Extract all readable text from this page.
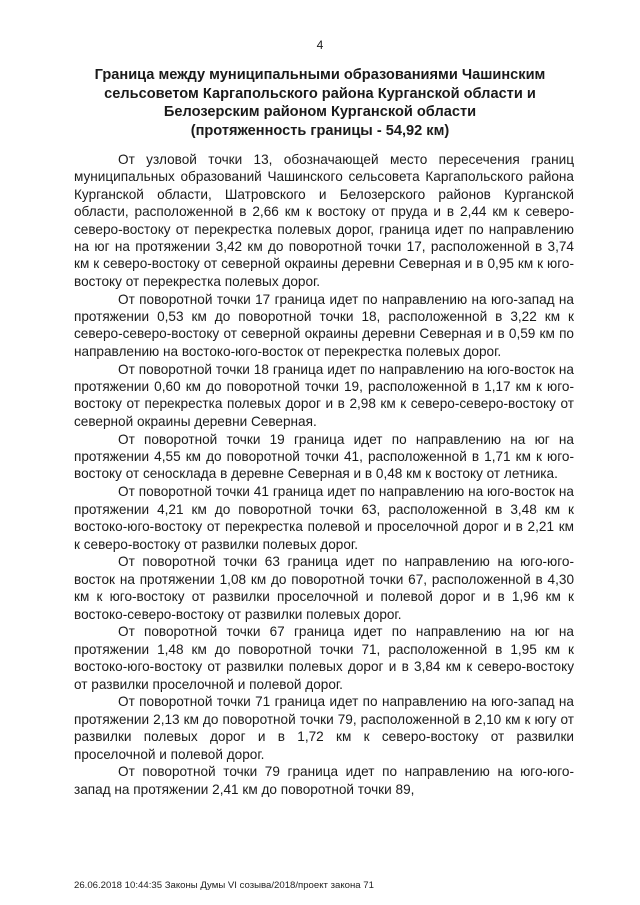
4
Граница между муниципальными образованиями Чашинским
сельсоветом Каргапольского района Курганской области и
Белозерским районом Курганской области
(протяженность границы - 54,92 км)

От узловой точки 13, обозначающей место пересечения границ муниципальных образований Чашинского сельсовета Каргапольского района Курганской области, Шатровского и Белозерского районов Курганской области, расположенной в 2,66 км к востоку от пруда и в 2,44 км к северо-северо-востоку от перекрестка полевых дорог, граница идет по направлению на юг на протяжении 3,42 км до поворотной точки 17, расположенной в 3,74 км к северо-востоку от северной окраины деревни Северная и в 0,95 км к юго-востоку от перекрестка полевых дорог.

От поворотной точки 17 граница идет по направлению на юго-запад на протяжении 0,53 км до поворотной точки 18, расположенной в 3,22 км к северо-северо-востоку от северной окраины деревни Северная и в 0,59 км по направлению на востоко-юго-восток от перекрестка полевых дорог.

От поворотной точки 18 граница идет по направлению на юго-восток на протяжении 0,60 км до поворотной точки 19, расположенной в 1,17 км к юго-востоку от перекрестка полевых дорог и в 2,98 км к северо-северо-востоку от северной окраины деревни Северная.

От поворотной точки 19 граница идет по направлению на юг на протяжении 4,55 км до поворотной точки 41, расположенной в 1,71 км к юго-востоку от сеносклада в деревне Северная и в 0,48 км к востоку от летника.

От поворотной точки 41 граница идет по направлению на юго-восток на протяжении 4,21 км до поворотной точки 63, расположенной в 3,48 км к востоко-юго-востоку от перекрестка полевой и проселочной дорог и в 2,21 км к северо-востоку от развилки полевых дорог.

От поворотной точки 63 граница идет по направлению на юго-юго-восток на протяжении 1,08 км до поворотной точки 67, расположенной в 4,30 км к юго-востоку от развилки проселочной и полевой дорог и в 1,96 км к востоко-северо-востоку от развилки полевых дорог.

От поворотной точки 67 граница идет по направлению на юг на протяжении 1,48 км до поворотной точки 71, расположенной в 1,95 км к востоко-юго-востоку от развилки полевых дорог и в 3,84 км к северо-востоку от развилки проселочной и полевой дорог.

От поворотной точки 71 граница идет по направлению на юго-запад на протяжении 2,13 км до поворотной точки 79, расположенной в 2,10 км к югу от развилки полевых дорог и в 1,72 км к северо-востоку от развилки проселочной и полевой дорог.

От поворотной точки 79 граница идет по направлению на юго-юго-запад на протяжении 2,41 км до поворотной точки 89,

26.06.2018 10:44:35 Законы Думы VI созыва/2018/проект закона 71
